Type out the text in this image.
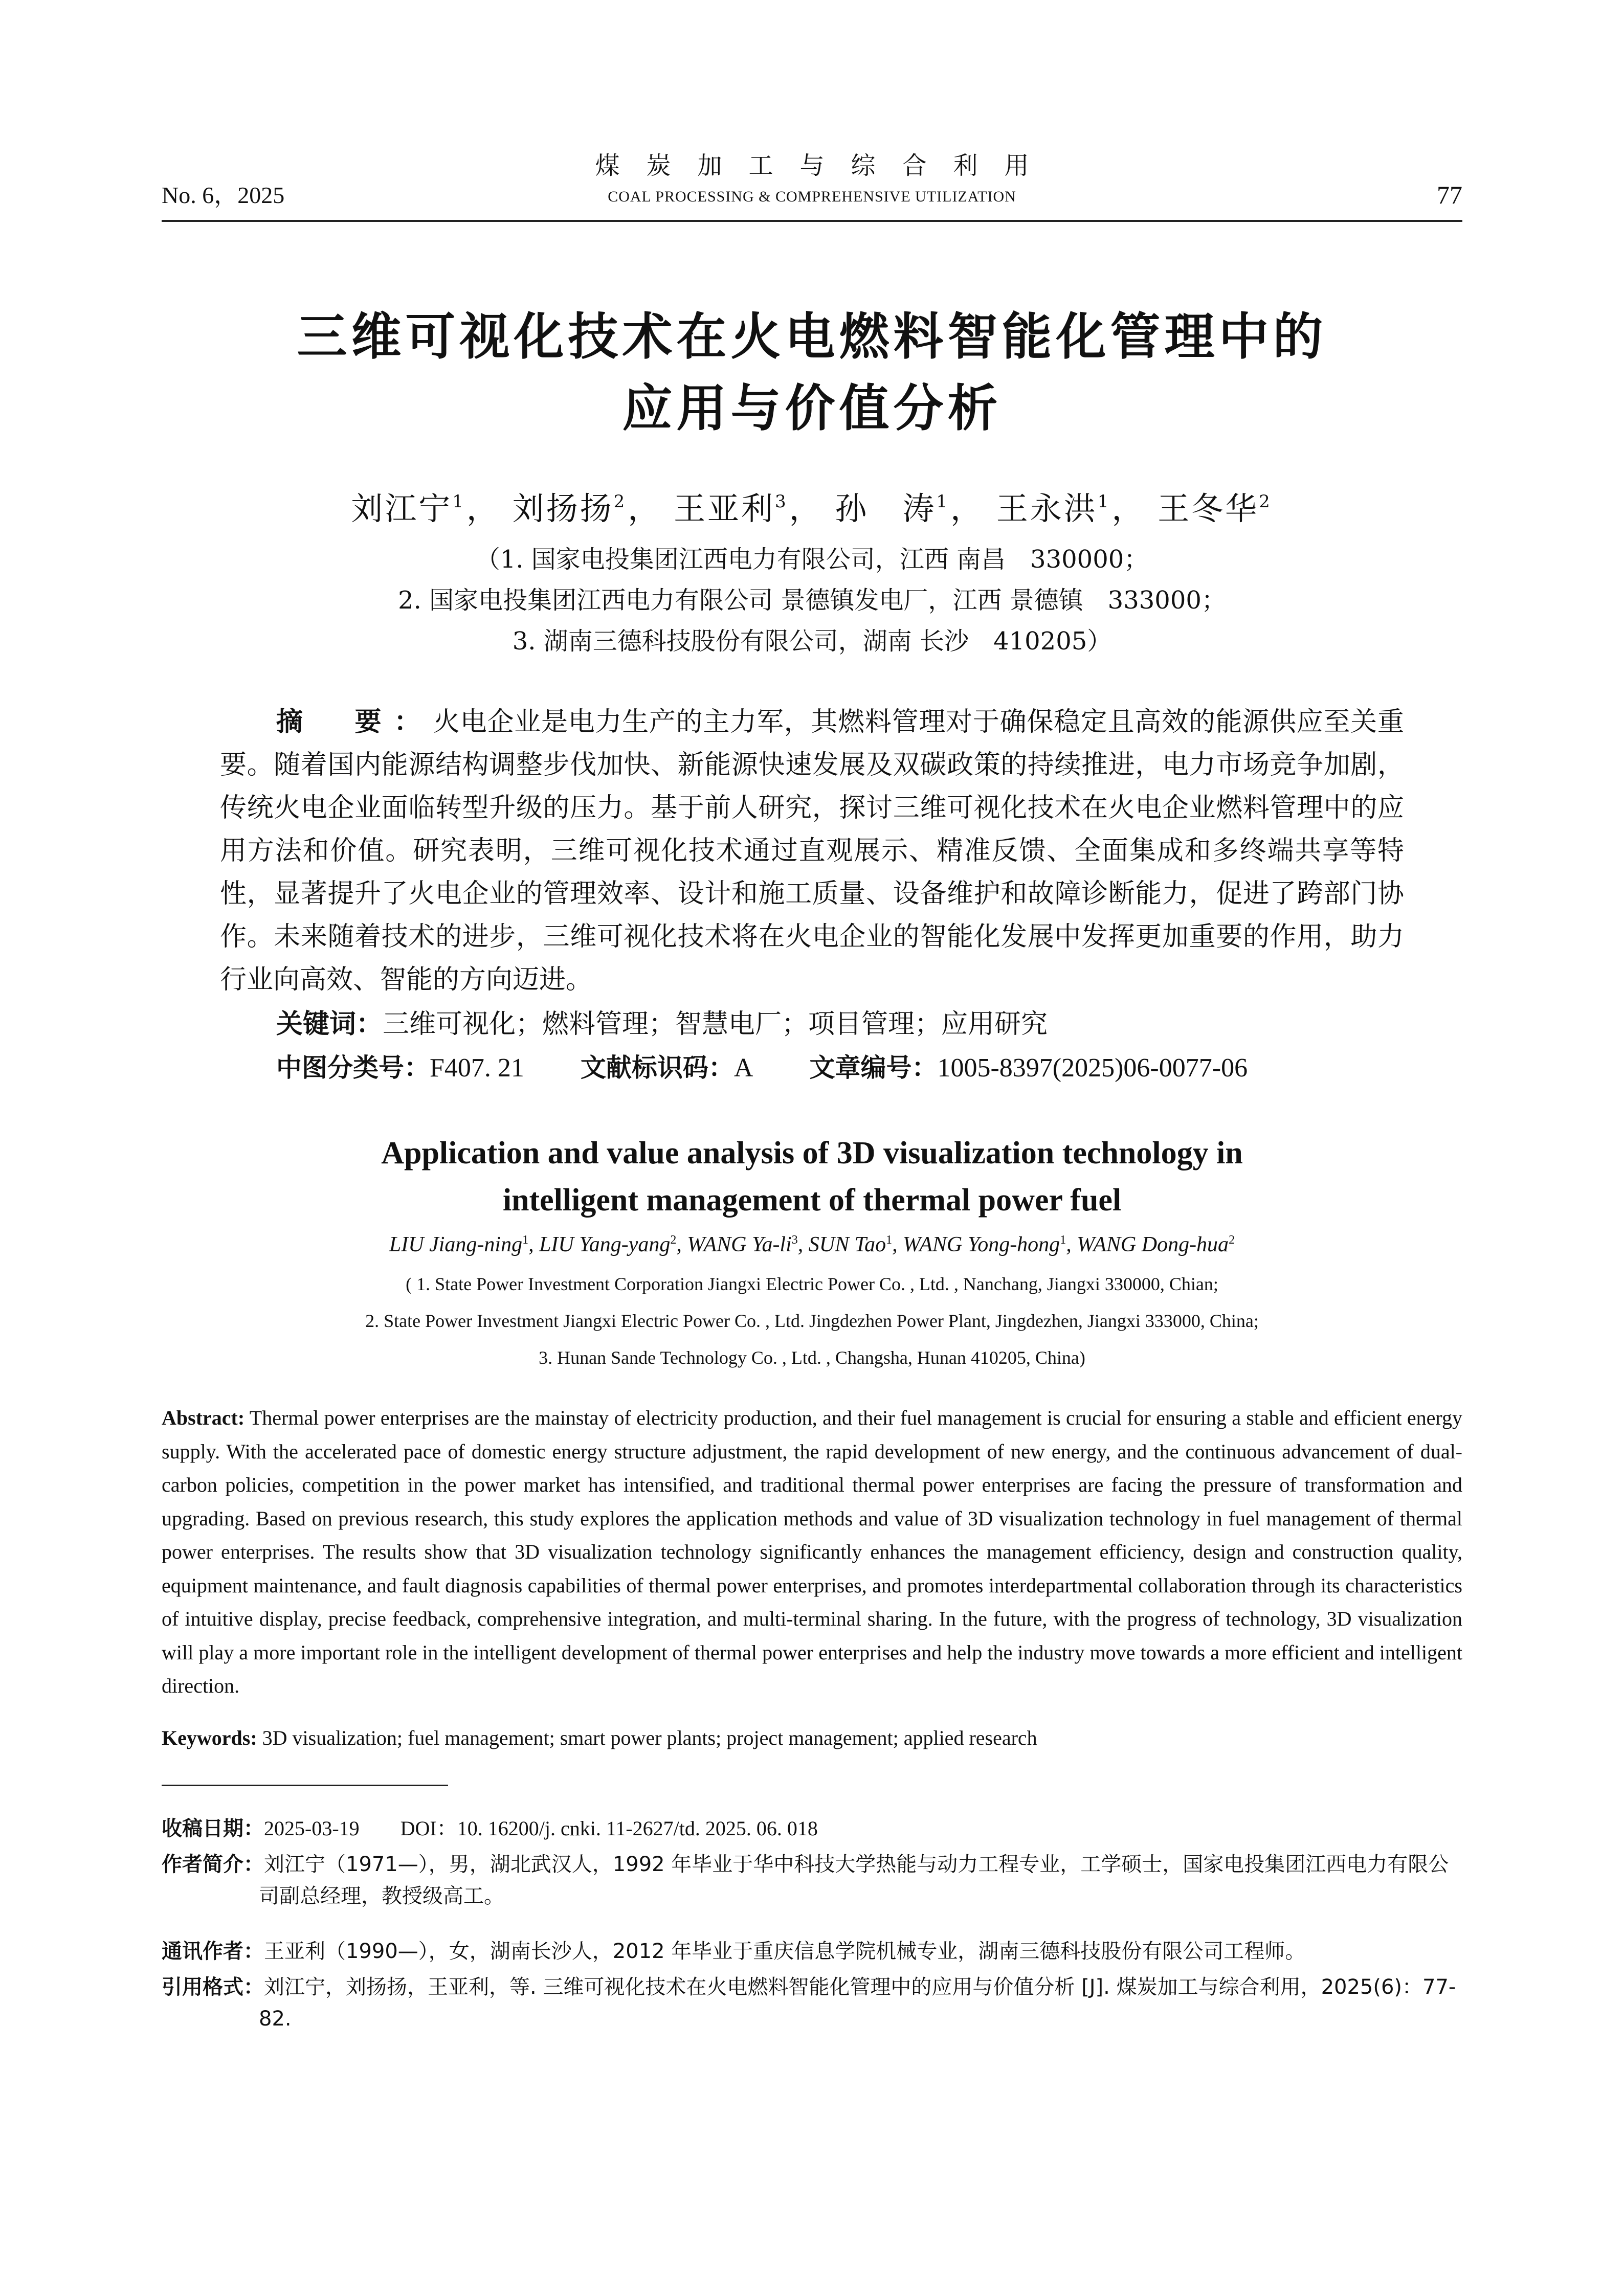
No. 6，2025
煤炭加工与综合利用
COAL PROCESSING & COMPREHENSIVE UTILIZATION	77
三维可视化技术在火电燃料智能化管理中的
应用与价值分析
刘江宁$^1$， 刘扬扬$^2$， 王亚利$^3$， 孙　涛$^1$， 王永洪$^1$， 王冬华$^2$
（1. 国家电投集团江西电力有限公司，江西 南昌　330000；
2. 国家电投集团江西电力有限公司 景德镇发电厂，江西 景德镇　333000；
3. 湖南三德科技股份有限公司，湖南 长沙　410205）
摘　要：火电企业是电力生产的主力军，其燃料管理对于确保稳定且高效的能源供应至关重要。随着国内能源结构调整步伐加快、新能源快速发展及双碳政策的持续推进，电力市场竞争加剧，传统火电企业面临转型升级的压力。基于前人研究，探讨三维可视化技术在火电企业燃料管理中的应用方法和价值。研究表明，三维可视化技术通过直观展示、精准反馈、全面集成和多终端共享等特性，显著提升了火电企业的管理效率、设计和施工质量、设备维护和故障诊断能力，促进了跨部门协作。未来随着技术的进步，三维可视化技术将在火电企业的智能化发展中发挥更加重要的作用，助力行业向高效、智能的方向迈进。
关键词：三维可视化；燃料管理；智慧电厂；项目管理；应用研究
中图分类号：F407. 21 文献标识码：A 文章编号：1005-8397(2025)06-0077-06
Application and value analysis of 3D visualization technology in
intelligent management of thermal power fuel
LIU Jiang-ning$^1$, LIU Yang-yang$^2$, WANG $Ya-li^3$, SUN Tao$^1$, WANG Yong-hong$^1$, WANG Dong-hua$^2$
( 1. State Power Investment Corporation Jiangxi Electric Power Co. , Ltd. , Nanchang, Jiangxi 330000, Chian;
2. State Power Investment Jiangxi Electric Power Co. , Ltd. Jingdezhen Power Plant, Jingdezhen, Jiangxi 333000, China;
3. Hunan Sande Technology Co. , Ltd. , Changsha, Hunan 410205, China)
Abstract: Thermal power enterprises are the mainstay of electricity production, and their fuel management is crucial for ensuring a stable and efficient energy supply. With the accelerated pace of domestic energy structure adjustment, the rapid development of new energy, and the continuous advancement of dual-carbon policies, competition in the power market has intensified, and traditional thermal power enterprises are facing the pressure of transformation and upgrading. Based on previous research, this study explores the application methods and value of 3D visualization technology in fuel management of thermal power enterprises. The results show that 3D visualization technology significantly enhances the management efficiency, design and construction quality, equipment maintenance, and fault diagnosis capabilities of thermal power enterprises, and promotes interdepartmental collaboration through its characteristics of intuitive display, precise feedback, comprehensive integration, and multi-terminal sharing. In the future, with the progress of technology, 3D visualization will play a more important role in the intelligent development of thermal power enterprises and help the industry move towards a more efficient and intelligent direction.
Keywords: 3D visualization; fuel management; smart power plants; project management; applied research
收稿日期：2025-03-19　　 DOI：10. 16200/j. cnki. 11-2627/td. 2025. 06. 018
作者简介：刘江宁（1971—），男，湖北武汉人，1992 年毕业于华中科技大学热能与动力工程专业，工学硕士，国家电投集团江西电力有限公司副总经理，教授级高工。
通讯作者：王亚利（1990—），女，湖南长沙人，2012 年毕业于重庆信息学院机械专业，湖南三德科技股份有限公司工程师。
引用格式：刘江宁，刘扬扬，王亚利，等. 三维可视化技术在火电燃料智能化管理中的应用与价值分析 [J]. 煤炭加工与综合利用，2025(6)：77-82.
